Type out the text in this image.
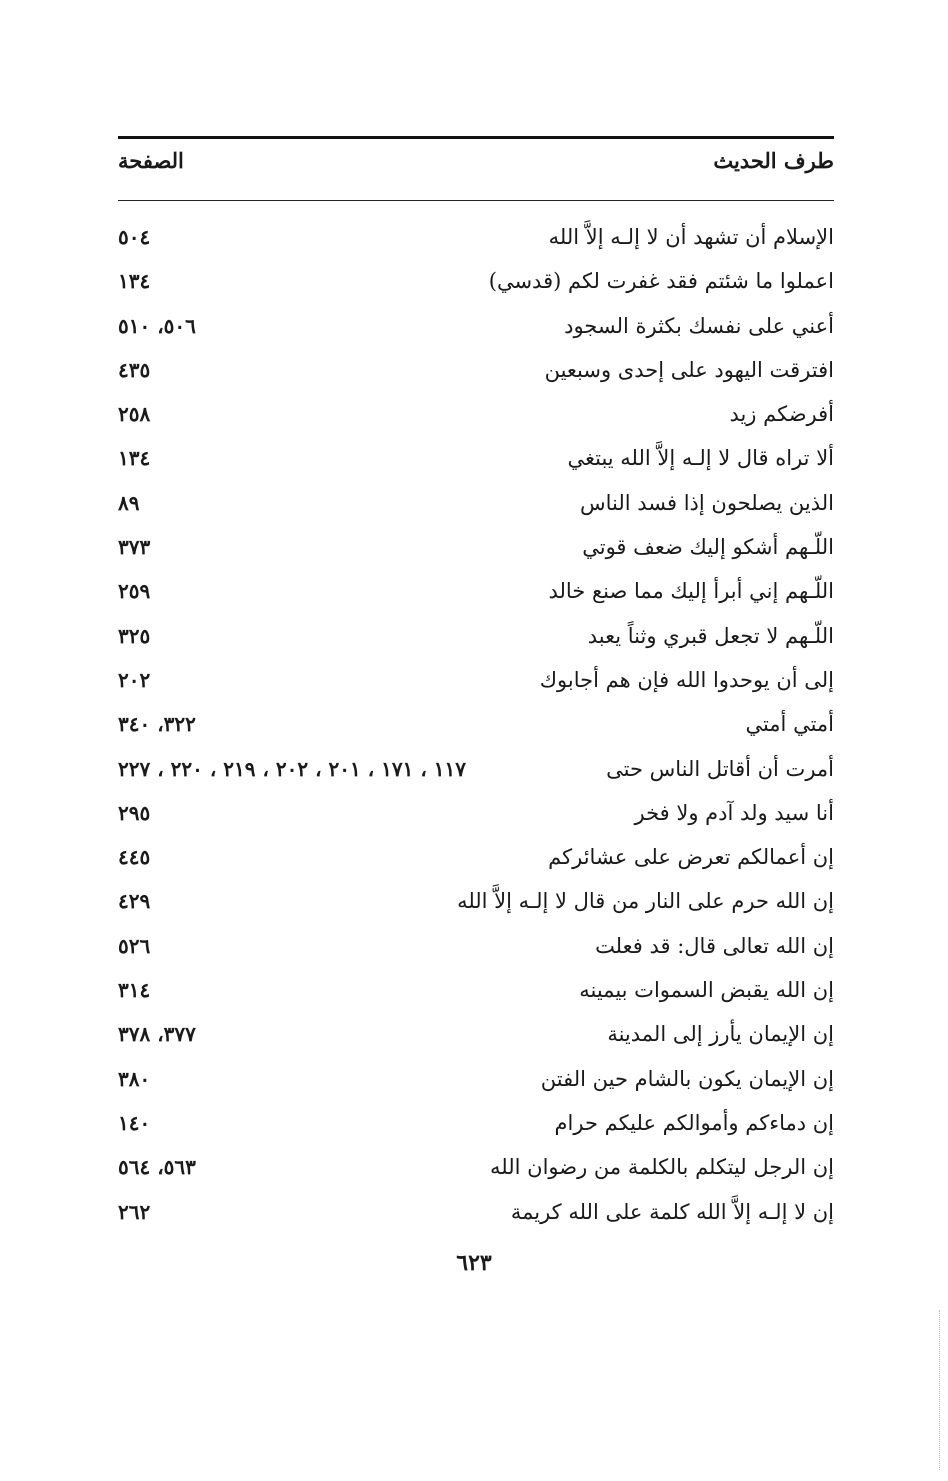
طرف الحديث
الصفحة
الإسلام أن تشهد أن لا إلـه إلاَّ الله
٥٠٤
اعملوا ما شئتم فقد غفرت لكم (قدسي)
١٣٤
أعني على نفسك بكثرة السجود
٥٠٦، ٥١٠
افترقت اليهود على إحدى وسبعين
٤٣٥
أفرضكم زيد
٢٥٨
ألا تراه قال لا إلـه إلاَّ الله يبتغي
١٣٤
الذين يصلحون إذا فسد الناس
٨٩
اللّـهم أشكو إليك ضعف قوتي
٣٧٣
اللّـهم إني أبرأ إليك مما صنع خالد
٢٥٩
اللّـهم لا تجعل قبري وثناً يعبد
٣٢٥
إلى أن يوحدوا الله فإن هم أجابوك
٢٠٢
أمتي أمتي
٣٢٢، ٣٤٠
أمرت أن أقاتل الناس حتى
١١٧ ، ١٧١ ، ٢٠١ ، ٢٠٢ ، ٢١٩ ، ٢٢٠ ، ٢٢٧
أنا سيد ولد آدم ولا فخر
٢٩٥
إن أعمالكم تعرض على عشائركم
٤٤٥
إن الله حرم على النار من قال لا إلـه إلاَّ الله
٤٢٩
إن الله تعالى قال: قد فعلت
٥٢٦
إن الله يقبض السموات بيمينه
٣١٤
إن الإيمان يأرز إلى المدينة
٣٧٧، ٣٧٨
إن الإيمان يكون بالشام حين الفتن
٣٨٠
إن دماءكم وأموالكم عليكم حرام
١٤٠
إن الرجل ليتكلم بالكلمة من رضوان الله
٥٦٣، ٥٦٤
إن لا إلـه إلاَّ الله كلمة على الله كريمة
٢٦٢
٦٢٣
